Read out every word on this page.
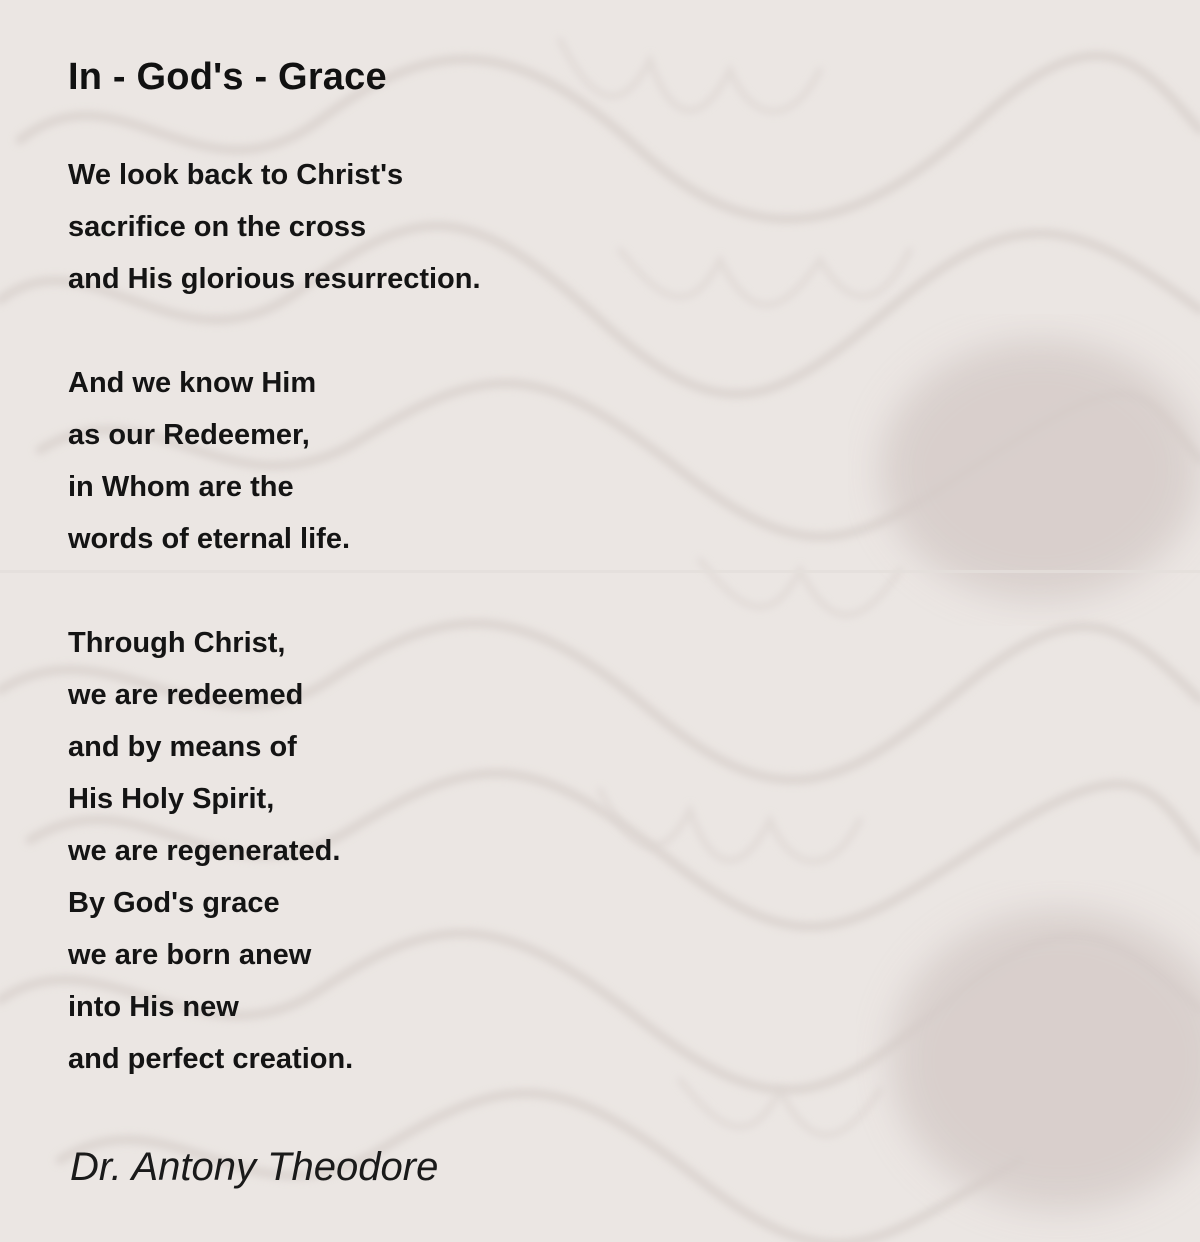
In - God's - Grace
We look back to Christ's
sacrifice on the cross
and His glorious resurrection.
And we know Him
as our Redeemer,
in Whom are the
words of eternal life.
Through Christ,
we are redeemed
and by means of
His Holy Spirit,
we are regenerated.
By God's grace
we are born anew
into His new
and perfect creation.

Dr. Antony Theodore
